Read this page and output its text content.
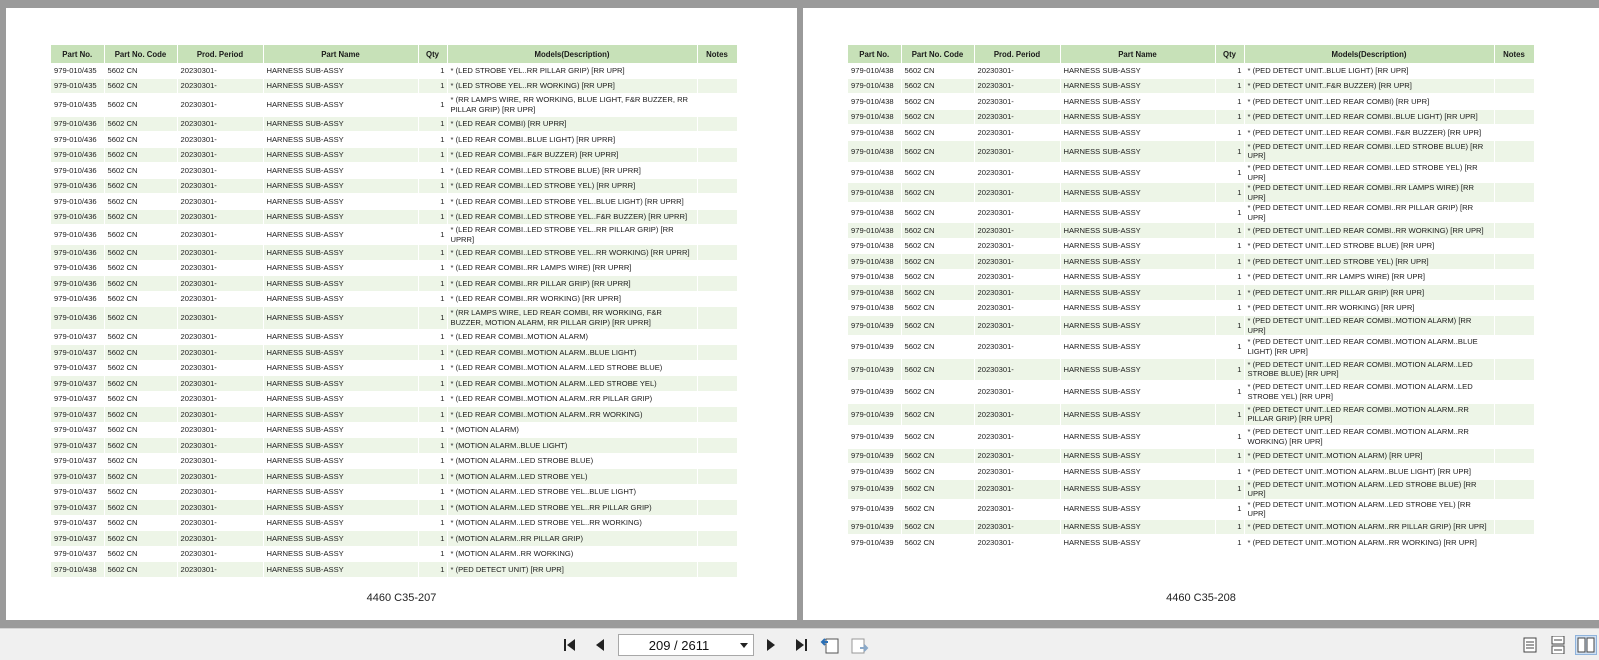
Part No.	Part No. Code	Prod. Period	Part Name	Qty	Models(Description)	Notes
979-010/435	5602 CN	20230301-	HARNESS SUB-ASSY	1	* (LED STROBE YEL..RR PILLAR GRIP) [RR UPR]	
979-010/435	5602 CN	20230301-	HARNESS SUB-ASSY	1	* (LED STROBE YEL..RR WORKING) [RR UPR]	
979-010/435	5602 CN	20230301-	HARNESS SUB-ASSY	1	* (RR LAMPS WIRE, RR WORKING, BLUE LIGHT, F&R BUZZER, RR PILLAR GRIP) [RR UPR]	
979-010/436	5602 CN	20230301-	HARNESS SUB-ASSY	1	* (LED REAR COMBI) [RR UPRR]	
979-010/436	5602 CN	20230301-	HARNESS SUB-ASSY	1	* (LED REAR COMBI..BLUE LIGHT) [RR UPRR]	
979-010/436	5602 CN	20230301-	HARNESS SUB-ASSY	1	* (LED REAR COMBI..F&R BUZZER) [RR UPRR]	
979-010/436	5602 CN	20230301-	HARNESS SUB-ASSY	1	* (LED REAR COMBI..LED STROBE BLUE) [RR UPRR]	
979-010/436	5602 CN	20230301-	HARNESS SUB-ASSY	1	* (LED REAR COMBI..LED STROBE YEL) [RR UPRR]	
979-010/436	5602 CN	20230301-	HARNESS SUB-ASSY	1	* (LED REAR COMBI..LED STROBE YEL..BLUE LIGHT) [RR UPRR]	
979-010/436	5602 CN	20230301-	HARNESS SUB-ASSY	1	* (LED REAR COMBI..LED STROBE YEL..F&R BUZZER) [RR UPRR]	
979-010/436	5602 CN	20230301-	HARNESS SUB-ASSY	1	* (LED REAR COMBI..LED STROBE YEL..RR PILLAR GRIP) [RR UPRR]	
979-010/436	5602 CN	20230301-	HARNESS SUB-ASSY	1	* (LED REAR COMBI..LED STROBE YEL..RR WORKING) [RR UPRR]	
979-010/436	5602 CN	20230301-	HARNESS SUB-ASSY	1	* (LED REAR COMBI..RR LAMPS WIRE) [RR UPRR]	
979-010/436	5602 CN	20230301-	HARNESS SUB-ASSY	1	* (LED REAR COMBI..RR PILLAR GRIP) [RR UPRR]	
979-010/436	5602 CN	20230301-	HARNESS SUB-ASSY	1	* (LED REAR COMBI..RR WORKING) [RR UPRR]	
979-010/436	5602 CN	20230301-	HARNESS SUB-ASSY	1	* (RR LAMPS WIRE, LED REAR COMBI, RR WORKING, F&R BUZZER, MOTION ALARM, RR PILLAR GRIP) [RR UPRR]	
979-010/437	5602 CN	20230301-	HARNESS SUB-ASSY	1	* (LED REAR COMBI..MOTION ALARM)	
979-010/437	5602 CN	20230301-	HARNESS SUB-ASSY	1	* (LED REAR COMBI..MOTION ALARM..BLUE LIGHT)	
979-010/437	5602 CN	20230301-	HARNESS SUB-ASSY	1	* (LED REAR COMBI..MOTION ALARM..LED STROBE BLUE)	
979-010/437	5602 CN	20230301-	HARNESS SUB-ASSY	1	* (LED REAR COMBI..MOTION ALARM..LED STROBE YEL)	
979-010/437	5602 CN	20230301-	HARNESS SUB-ASSY	1	* (LED REAR COMBI..MOTION ALARM..RR PILLAR GRIP)	
979-010/437	5602 CN	20230301-	HARNESS SUB-ASSY	1	* (LED REAR COMBI..MOTION ALARM..RR WORKING)	
979-010/437	5602 CN	20230301-	HARNESS SUB-ASSY	1	* (MOTION ALARM)	
979-010/437	5602 CN	20230301-	HARNESS SUB-ASSY	1	* (MOTION ALARM..BLUE LIGHT)	
979-010/437	5602 CN	20230301-	HARNESS SUB-ASSY	1	* (MOTION ALARM..LED STROBE BLUE)	
979-010/437	5602 CN	20230301-	HARNESS SUB-ASSY	1	* (MOTION ALARM..LED STROBE YEL)	
979-010/437	5602 CN	20230301-	HARNESS SUB-ASSY	1	* (MOTION ALARM..LED STROBE YEL..BLUE LIGHT)	
979-010/437	5602 CN	20230301-	HARNESS SUB-ASSY	1	* (MOTION ALARM..LED STROBE YEL..RR PILLAR GRIP)	
979-010/437	5602 CN	20230301-	HARNESS SUB-ASSY	1	* (MOTION ALARM..LED STROBE YEL..RR WORKING)	
979-010/437	5602 CN	20230301-	HARNESS SUB-ASSY	1	* (MOTION ALARM..RR PILLAR GRIP)	
979-010/437	5602 CN	20230301-	HARNESS SUB-ASSY	1	* (MOTION ALARM..RR WORKING)	
979-010/438	5602 CN	20230301-	HARNESS SUB-ASSY	1	* (PED DETECT UNIT) [RR UPR]	
4460 C35-207
Part No.	Part No. Code	Prod. Period	Part Name	Qty	Models(Description)	Notes
979-010/438	5602 CN	20230301-	HARNESS SUB-ASSY	1	* (PED DETECT UNIT..BLUE LIGHT) [RR UPR]	
979-010/438	5602 CN	20230301-	HARNESS SUB-ASSY	1	* (PED DETECT UNIT..F&R BUZZER) [RR UPR]	
979-010/438	5602 CN	20230301-	HARNESS SUB-ASSY	1	* (PED DETECT UNIT..LED REAR COMBI) [RR UPR]	
979-010/438	5602 CN	20230301-	HARNESS SUB-ASSY	1	* (PED DETECT UNIT..LED REAR COMBI..BLUE LIGHT) [RR UPR]	
979-010/438	5602 CN	20230301-	HARNESS SUB-ASSY	1	* (PED DETECT UNIT..LED REAR COMBI..F&R BUZZER) [RR UPR]	
979-010/438	5602 CN	20230301-	HARNESS SUB-ASSY	1	* (PED DETECT UNIT..LED REAR COMBI..LED STROBE BLUE) [RR UPR]	
979-010/438	5602 CN	20230301-	HARNESS SUB-ASSY	1	* (PED DETECT UNIT..LED REAR COMBI..LED STROBE YEL) [RR UPR]	
979-010/438	5602 CN	20230301-	HARNESS SUB-ASSY	1	* (PED DETECT UNIT..LED REAR COMBI..RR LAMPS WIRE) [RR UPR]	
979-010/438	5602 CN	20230301-	HARNESS SUB-ASSY	1	* (PED DETECT UNIT..LED REAR COMBI..RR PILLAR GRIP) [RR UPR]	
979-010/438	5602 CN	20230301-	HARNESS SUB-ASSY	1	* (PED DETECT UNIT..LED REAR COMBI..RR WORKING) [RR UPR]	
979-010/438	5602 CN	20230301-	HARNESS SUB-ASSY	1	* (PED DETECT UNIT..LED STROBE BLUE) [RR UPR]	
979-010/438	5602 CN	20230301-	HARNESS SUB-ASSY	1	* (PED DETECT UNIT..LED STROBE YEL) [RR UPR]	
979-010/438	5602 CN	20230301-	HARNESS SUB-ASSY	1	* (PED DETECT UNIT..RR LAMPS WIRE) [RR UPR]	
979-010/438	5602 CN	20230301-	HARNESS SUB-ASSY	1	* (PED DETECT UNIT..RR PILLAR GRIP) [RR UPR]	
979-010/438	5602 CN	20230301-	HARNESS SUB-ASSY	1	* (PED DETECT UNIT..RR WORKING) [RR UPR]	
979-010/439	5602 CN	20230301-	HARNESS SUB-ASSY	1	* (PED DETECT UNIT..LED REAR COMBI..MOTION ALARM) [RR UPR]	
979-010/439	5602 CN	20230301-	HARNESS SUB-ASSY	1	* (PED DETECT UNIT..LED REAR COMBI..MOTION ALARM..BLUE LIGHT) [RR UPR]	
979-010/439	5602 CN	20230301-	HARNESS SUB-ASSY	1	* (PED DETECT UNIT..LED REAR COMBI..MOTION ALARM..LED STROBE BLUE) [RR UPR]	
979-010/439	5602 CN	20230301-	HARNESS SUB-ASSY	1	* (PED DETECT UNIT..LED REAR COMBI..MOTION ALARM..LED STROBE YEL) [RR UPR]	
979-010/439	5602 CN	20230301-	HARNESS SUB-ASSY	1	* (PED DETECT UNIT..LED REAR COMBI..MOTION ALARM..RR PILLAR GRIP) [RR UPR]	
979-010/439	5602 CN	20230301-	HARNESS SUB-ASSY	1	* (PED DETECT UNIT..LED REAR COMBI..MOTION ALARM..RR WORKING) [RR UPR]	
979-010/439	5602 CN	20230301-	HARNESS SUB-ASSY	1	* (PED DETECT UNIT..MOTION ALARM) [RR UPR]	
979-010/439	5602 CN	20230301-	HARNESS SUB-ASSY	1	* (PED DETECT UNIT..MOTION ALARM..BLUE LIGHT) [RR UPR]	
979-010/439	5602 CN	20230301-	HARNESS SUB-ASSY	1	* (PED DETECT UNIT..MOTION ALARM..LED STROBE BLUE) [RR UPR]	
979-010/439	5602 CN	20230301-	HARNESS SUB-ASSY	1	* (PED DETECT UNIT..MOTION ALARM..LED STROBE YEL) [RR UPR]	
979-010/439	5602 CN	20230301-	HARNESS SUB-ASSY	1	* (PED DETECT UNIT..MOTION ALARM..RR PILLAR GRIP) [RR UPR]	
979-010/439	5602 CN	20230301-	HARNESS SUB-ASSY	1	* (PED DETECT UNIT..MOTION ALARM..RR WORKING) [RR UPR]	
4460 C35-208
209 / 2611
